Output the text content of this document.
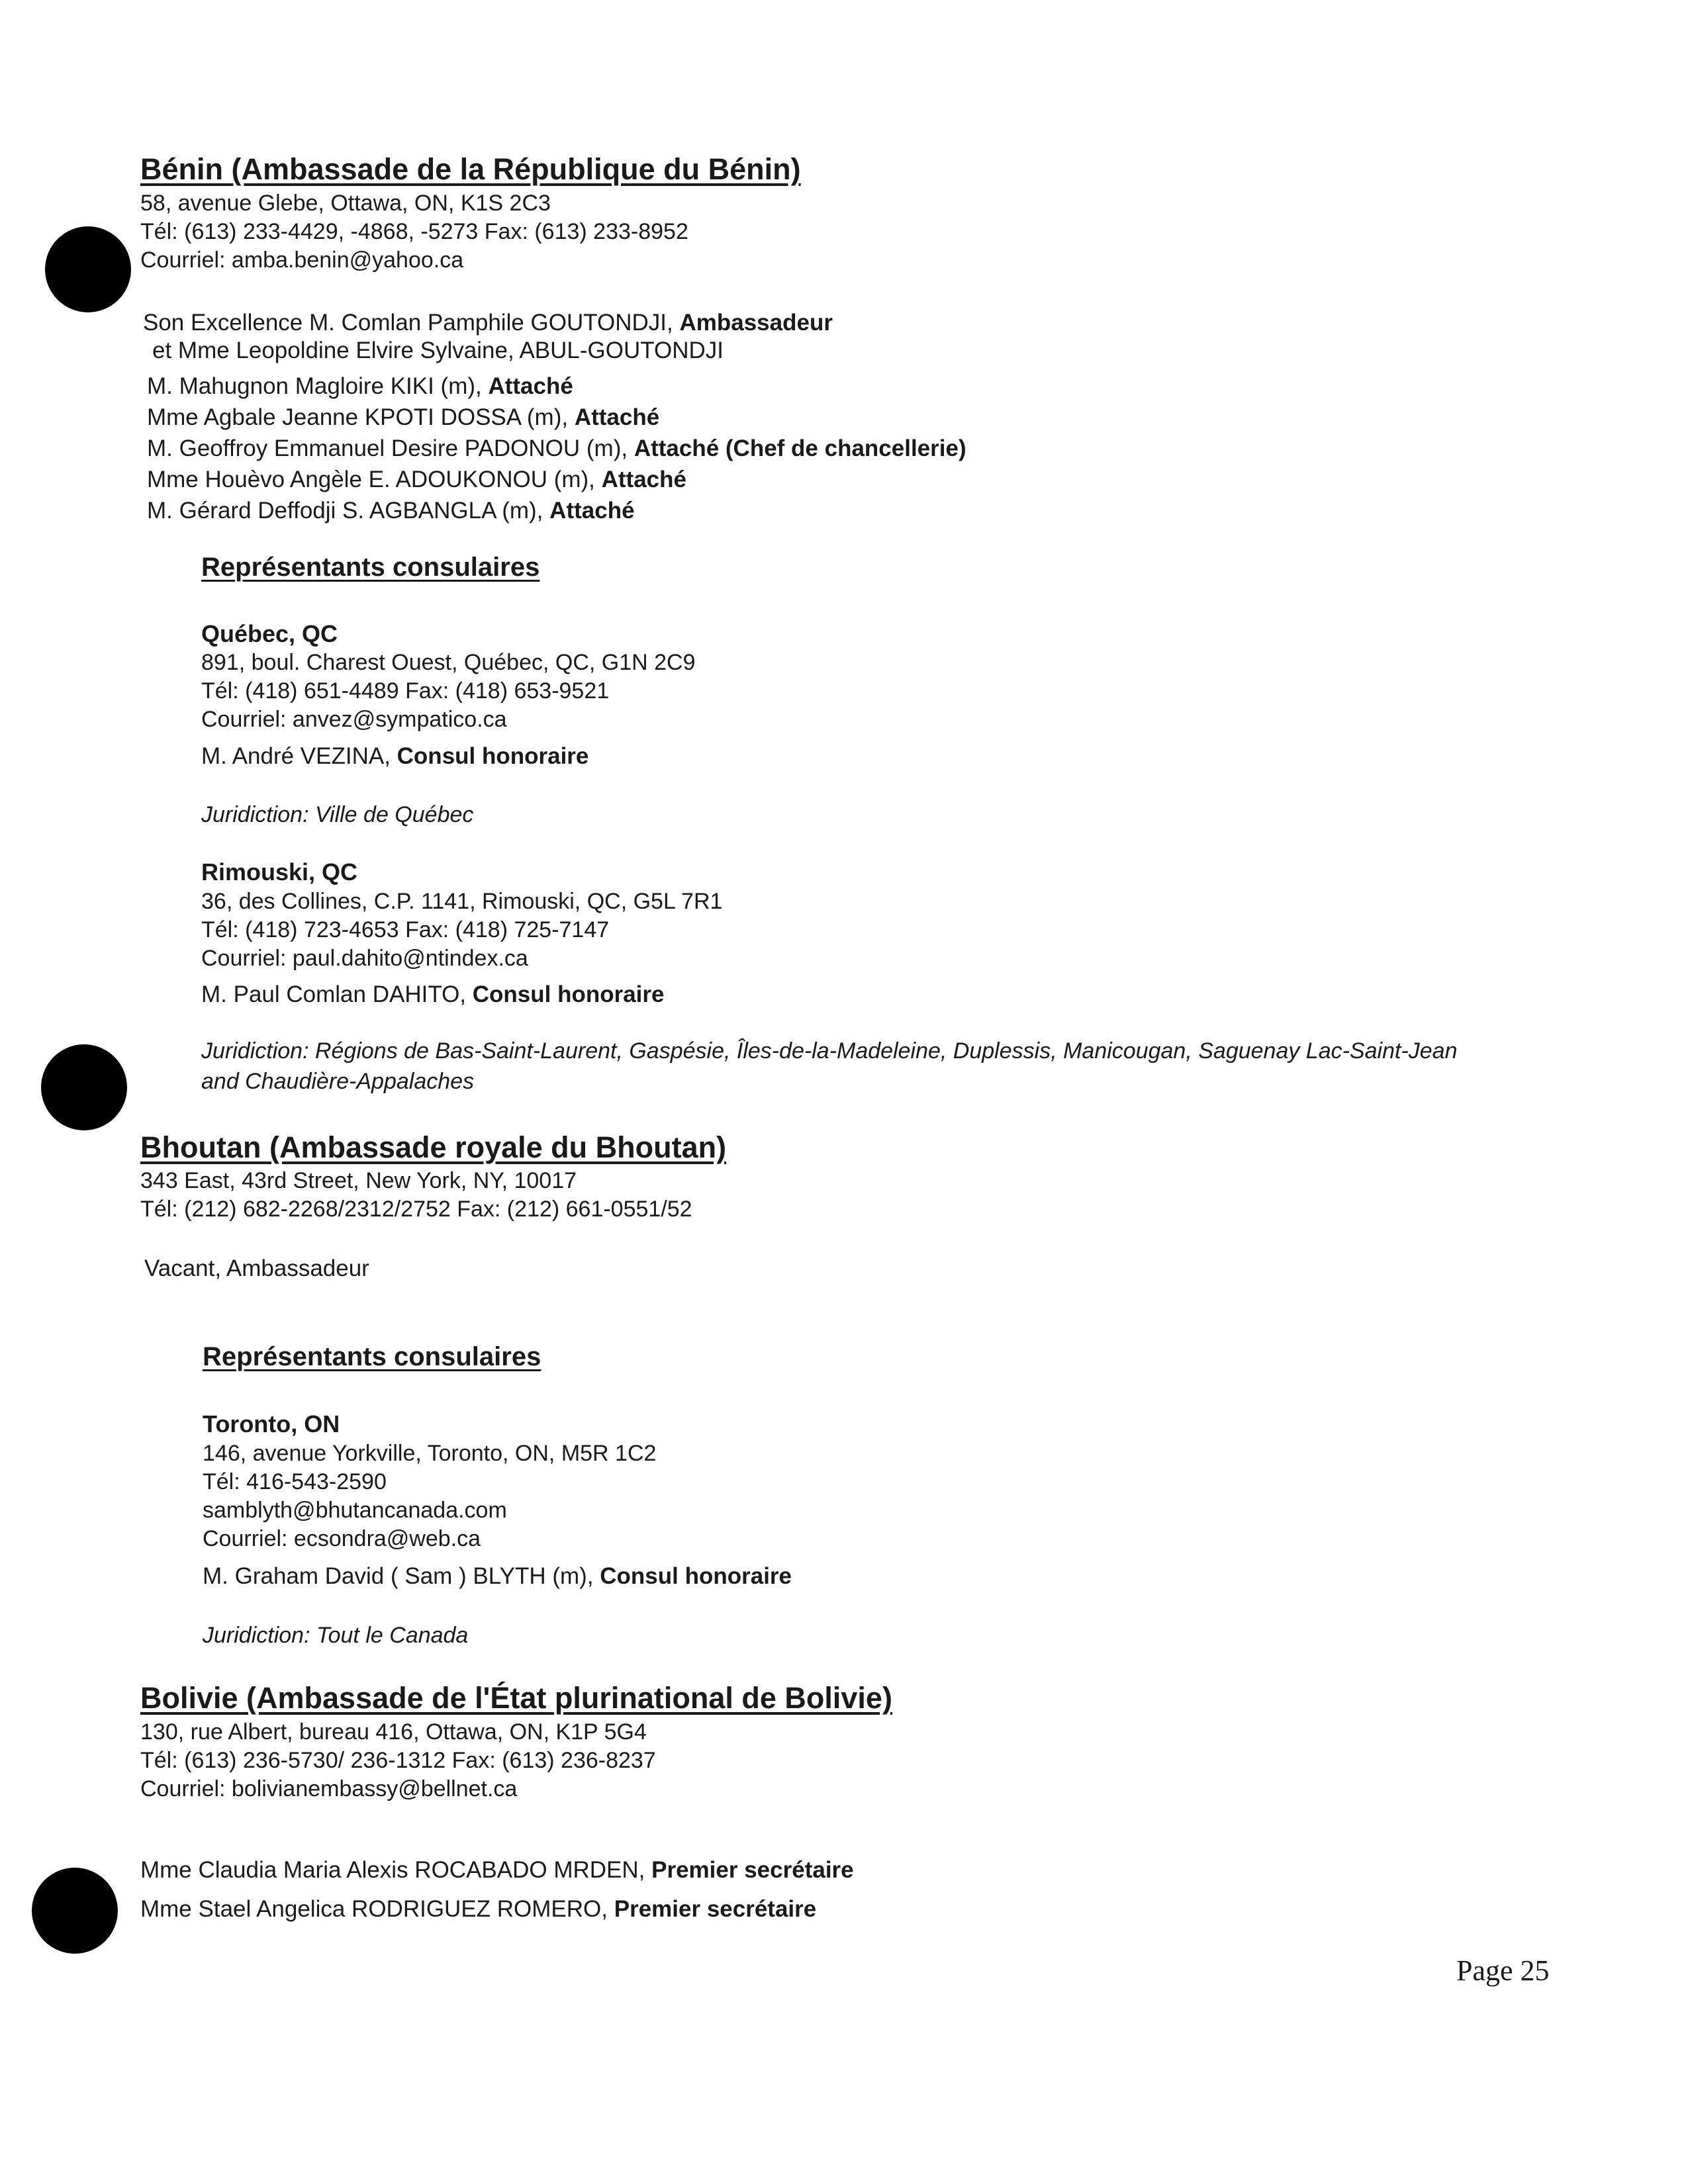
Bénin (Ambassade de la République du Bénin)
58, avenue Glebe, Ottawa, ON, K1S 2C3
Tél: (613) 233-4429, -4868, -5273 Fax: (613) 233-8952
Courriel: amba.benin@yahoo.ca
Son Excellence M. Comlan Pamphile GOUTONDJI, Ambassadeur
et Mme Leopoldine Elvire Sylvaine, ABUL-GOUTONDJI
M. Mahugnon Magloire KIKI (m), Attaché
Mme Agbale Jeanne KPOTI DOSSA (m), Attaché
M. Geoffroy Emmanuel Desire PADONOU (m), Attaché (Chef de chancellerie)
Mme Houèvo Angèle E. ADOUKONOU (m), Attaché
M. Gérard Deffodji S. AGBANGLA (m), Attaché
Représentants consulaires
Québec, QC
891, boul. Charest Ouest, Québec, QC, G1N 2C9
Tél: (418) 651-4489 Fax: (418) 653-9521
Courriel: anvez@sympatico.ca
M. André VEZINA, Consul honoraire
Juridiction: Ville de Québec
Rimouski, QC
36, des Collines, C.P. 1141, Rimouski, QC, G5L 7R1
Tél: (418) 723-4653 Fax: (418) 725-7147
Courriel: paul.dahito@ntindex.ca
M. Paul Comlan DAHITO, Consul honoraire
Juridiction: Régions de Bas-Saint-Laurent, Gaspésie, Îles-de-la-Madeleine, Duplessis, Manicougan, Saguenay Lac-Saint-Jean and Chaudière-Appalaches
Bhoutan (Ambassade royale du Bhoutan)
343 East, 43rd Street, New York, NY, 10017
Tél: (212) 682-2268/2312/2752 Fax: (212) 661-0551/52
Vacant, Ambassadeur
Représentants consulaires
Toronto, ON
146, avenue Yorkville, Toronto, ON, M5R 1C2
Tél: 416-543-2590
samblyth@bhutancanada.com
Courriel: ecsondra@web.ca
M. Graham David ( Sam ) BLYTH (m), Consul honoraire
Juridiction: Tout le Canada
Bolivie (Ambassade de l'État plurinational de Bolivie)
130, rue Albert, bureau 416, Ottawa, ON, K1P 5G4
Tél: (613) 236-5730/ 236-1312 Fax: (613) 236-8237
Courriel: bolivianembassy@bellnet.ca
Mme Claudia Maria Alexis ROCABADO MRDEN, Premier secrétaire
Mme Stael Angelica RODRIGUEZ ROMERO, Premier secrétaire
Page 25
